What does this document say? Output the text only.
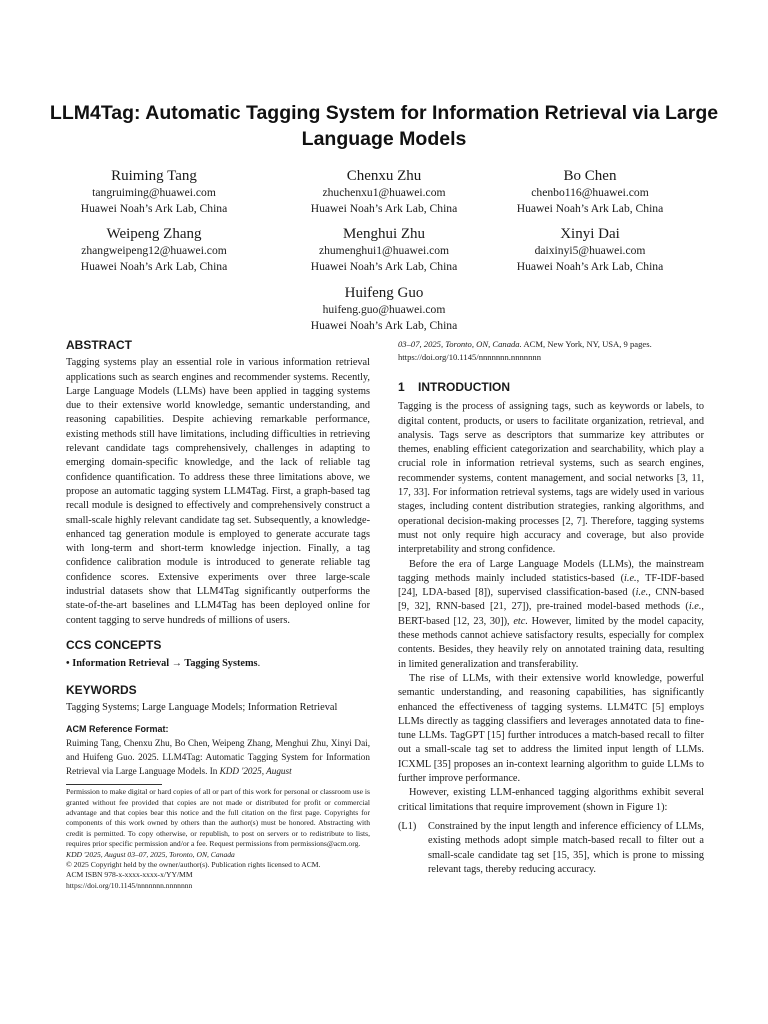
LLM4Tag: Automatic Tagging System for Information Retrieval via Large Language Models
Ruiming Tang
tangruiming@huawei.com
Huawei Noah’s Ark Lab, China
Chenxu Zhu
zhuchenxu1@huawei.com
Huawei Noah’s Ark Lab, China
Bo Chen
chenbo116@huawei.com
Huawei Noah’s Ark Lab, China
Weipeng Zhang
zhangweipeng12@huawei.com
Huawei Noah’s Ark Lab, China
Menghui Zhu
zhumenghui1@huawei.com
Huawei Noah’s Ark Lab, China
Xinyi Dai
daixinyi5@huawei.com
Huawei Noah’s Ark Lab, China
Huifeng Guo
huifeng.guo@huawei.com
Huawei Noah’s Ark Lab, China
ABSTRACT

Tagging systems play an essential role in various information retrieval applications such as search engines and recommender systems. Recently, Large Language Models (LLMs) have been applied in tagging systems due to their extensive world knowledge, semantic understanding, and reasoning capabilities. Despite achieving remarkable performance, existing methods still have limitations, including difficulties in retrieving relevant candidate tags comprehensively, challenges in adapting to emerging domain-specific knowledge, and the lack of reliable tag confidence quantification. To address these three limitations above, we propose an automatic tagging system LLM4Tag. First, a graph-based tag recall module is designed to effectively and comprehensively construct a small-scale highly relevant candidate tag set. Subsequently, a knowledge-enhanced tag generation module is employed to generate accurate tags with long-term and short-term knowledge injection. Finally, a tag confidence calibration module is introduced to generate reliable tag confidence scores. Extensive experiments over three large-scale industrial datasets show that LLM4Tag significantly outperforms the state-of-the-art baselines and LLM4Tag has been deployed online for content tagging to serve hundreds of millions of users.

CCS CONCEPTS

• Information Retrieval → Tagging Systems.

KEYWORDS

Tagging Systems; Large Language Models; Information Retrieval

ACM Reference Format:

Ruiming Tang, Chenxu Zhu, Bo Chen, Weipeng Zhang, Menghui Zhu, Xinyi Dai, and Huifeng Guo. 2025. LLM4Tag: Automatic Tagging System for Information Retrieval via Large Language Models. In KDD '2025, August

Permission to make digital or hard copies of all or part of this work for personal or classroom use is granted without fee provided that copies are not made or distributed for profit or commercial advantage and that copies bear this notice and the full citation on the first page. Copyrights for components of this work owned by others than the author(s) must be honored. Abstracting with credit is permitted. To copy otherwise, or republish, to post on servers or to redistribute to lists, requires prior specific permission and/or a fee. Request permissions from permissions@acm.org.
KDD '2025, August 03–07, 2025, Toronto, ON, Canada
© 2025 Copyright held by the owner/author(s). Publication rights licensed to ACM.
ACM ISBN 978-x-xxxx-xxxx-x/YY/MM
https://doi.org/10.1145/nnnnnnn.nnnnnnn

03–07, 2025, Toronto, ON, Canada. ACM, New York, NY, USA, 9 pages. https://doi.org/10.1145/nnnnnnn.nnnnnnn

1 INTRODUCTION

Tagging is the process of assigning tags, such as keywords or labels, to digital content, products, or users to facilitate organization, retrieval, and analysis. Tags serve as descriptors that summarize key attributes or themes, enabling efficient categorization and searchability, which play a crucial role in information retrieval systems, such as search engines, recommender systems, content management, and social networks [3, 11, 17, 33]. For information retrieval systems, tags are widely used in various stages, including content distribution strategies, ranking algorithms, and operational decision-making processes [2, 7]. Therefore, tagging systems must not only require high accuracy and coverage, but also provide interpretability and strong confidence.

Before the era of Large Language Models (LLMs), the mainstream tagging methods mainly included statistics-based (i.e., TF-IDF-based [24], LDA-based [8]), supervised classification-based (i.e., CNN-based [9, 32], RNN-based [21, 27]), pre-trained model-based methods (i.e., BERT-based [12, 23, 30]), etc. However, limited by the model capacity, these methods cannot achieve satisfactory results, especially for complex contents. Besides, they heavily rely on annotated training data, resulting in limited generalization and transferability.

The rise of LLMs, with their extensive world knowledge, powerful semantic understanding, and reasoning capabilities, has significantly enhanced the effectiveness of tagging systems. LLM4TC [5] employs LLMs directly as tagging classifiers and leverages annotated data to fine-tune LLMs. TagGPT [15] further introduces a match-based recall to filter out a small-scale tag set to address the limited input length of LLMs. ICXML [35] proposes an in-context learning algorithm to guide LLMs to further improve performance.

However, existing LLM-enhanced tagging algorithms exhibit several critical limitations that require improvement (shown in Figure 1):

(L1)	Constrained by the input length and inference efficiency of LLMs, existing methods adopt simple match-based recall to filter out a small-scale candidate tag set [15, 35], which is prone to missing relevant tags, thereby reducing accuracy.
